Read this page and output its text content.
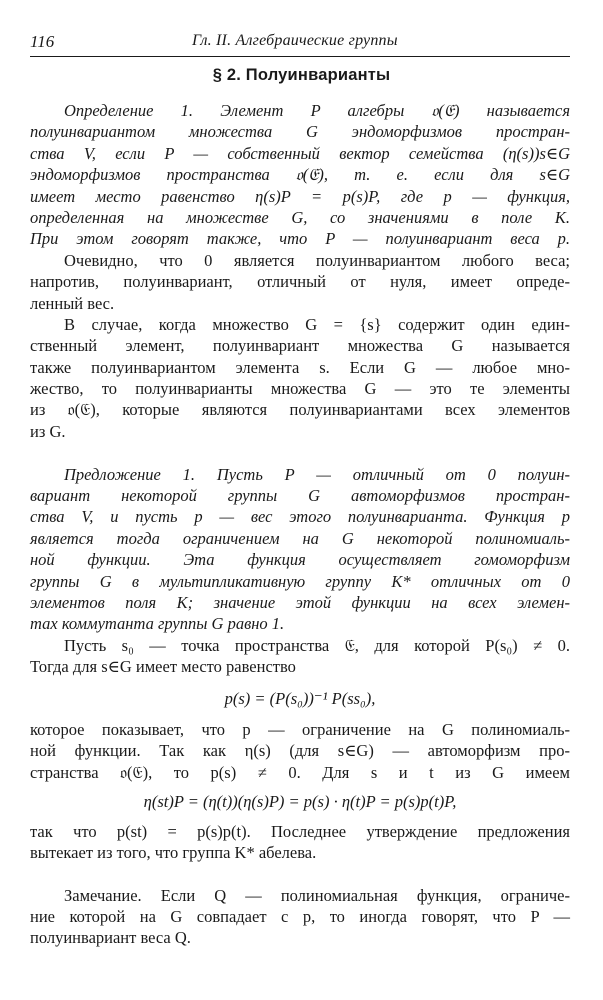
116	Гл. II. Алгебраические группы
§ 2. Полуинварианты
Определение 1. Элемент P алгебры 𝔬(𝔈) называется
полуинвариантом множества G эндоморфизмов простран-
ства V, если P — собственный вектор семейства (η(s))s∈G
эндоморфизмов пространства 𝔬(𝔈), т. е. если для s∈G
имеет место равенство η(s)P = p(s)P, где p — функция,
определенная на множестве G, со значениями в поле K.
При этом говорят также, что P — полуинвариант веса p.
Очевидно, что 0 является полуинвариантом любого веса;
напротив, полуинвариант, отличный от нуля, имеет опреде-
ленный вес.
В случае, когда множество G = {s} содержит один един-
ственный элемент, полуинвариант множества G называется
также полуинвариантом элемента s. Если G — любое мно-
жество, то полуинварианты множества G — это те элементы
из 𝔬(𝔈), которые являются полуинвариантами всех элементов
из G.
Предложение 1. Пусть P — отличный от 0 полуин-
вариант некоторой группы G автоморфизмов простран-
ства V, и пусть p — вес этого полуинварианта. Функция p
является тогда ограничением на G некоторой полиномиаль-
ной функции. Эта функция осуществляет гомоморфизм
группы G в мультипликативную группу K* отличных от 0
элементов поля K; значение этой функции на всех элемен-
тах коммутанта группы G равно 1.
Пусть s₀ — точка пространства 𝔈, для которой P(s₀) ≠ 0.
Тогда для s∈G имеет место равенство
p(s) = (P(s₀))⁻¹ P(ss₀),
которое показывает, что p — ограничение на G полиномиаль-
ной функции. Так как η(s) (для s∈G) — автоморфизм про-
странства 𝔬(𝔈), то p(s) ≠ 0. Для s и t из G имеем
η(st)P = (η(t))(η(s)P) = p(s) · η(t)P = p(s)p(t)P,
так что p(st) = p(s)p(t). Последнее утверждение предложения
вытекает из того, что группа K* абелева.
Замечание. Если Q — полиномиальная функция, ограниче-
ние которой на G совпадает с p, то иногда говорят, что P —
полуинвариант веса Q.
